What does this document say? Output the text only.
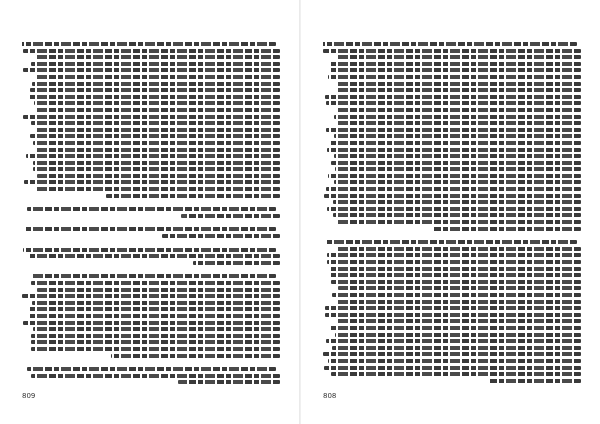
809	808
